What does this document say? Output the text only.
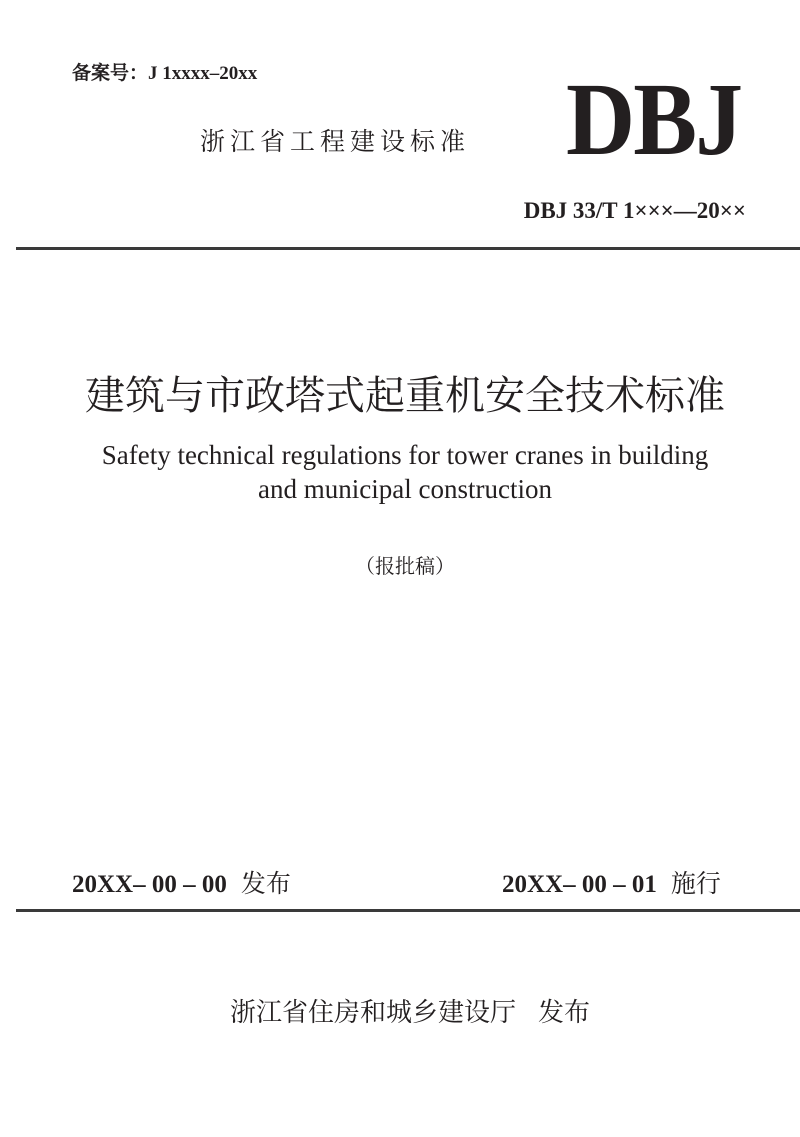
备案号：J 1xxxx–20xx
浙江省工程建设标准 DBJ
DBJ 33/T 1×××—20××
建筑与市政塔式起重机安全技术标准
Safety technical regulations for tower cranes in building
and municipal construction
（报批稿）
20XX– 00 – 00 发布	20XX– 00 – 01 施行
浙江省住房和城乡建设厅 发布
